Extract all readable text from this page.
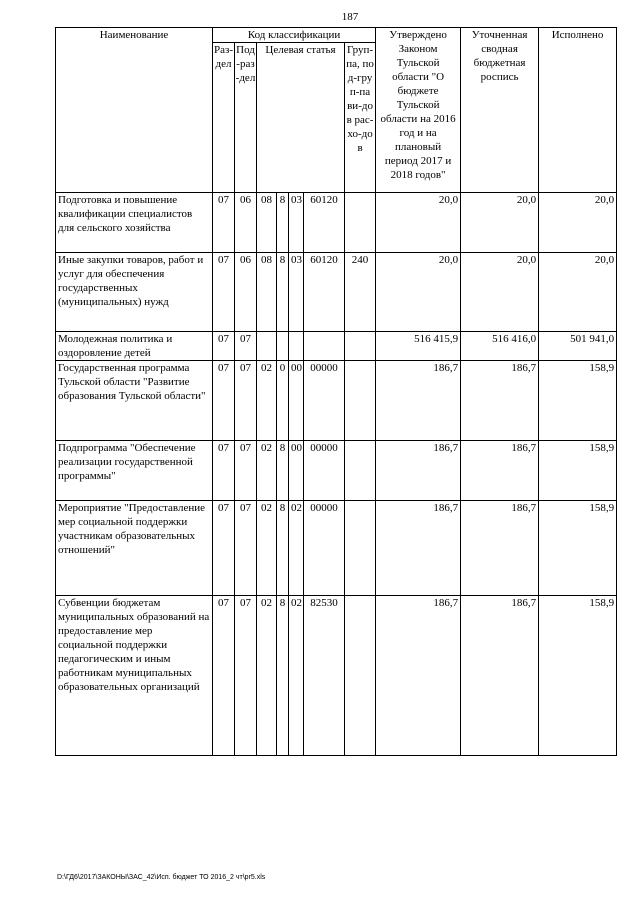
187
Наименование	Код классификации							Утверждено Законом Тульской области "О бюджете Тульской области на 2016 год и на плановый период 2017 и 2018 годов"	Уточненная сводная бюджетная роспись	Исполнено
	Раз-дел	Под-раз-дел	Целевая статья				Груп-па, под-груп-па ви-дов рас-хо-дов			
Подготовка и повышение квалификации специалистов для сельского хозяйства	07	06	08	8	03	60120		20,0	20,0	20,0
Иные закупки товаров, работ и услуг для обеспечения государственных (муниципальных) нужд	07	06	08	8	03	60120	240	20,0	20,0	20,0
Молодежная политика и оздоровление детей	07	07						516 415,9	516 416,0	501 941,0
Государственная программа Тульской области "Развитие образования Тульской области"	07	07	02	0	00	00000		186,7	186,7	158,9
Подпрограмма "Обеспечение реализации государственной программы"	07	07	02	8	00	00000		186,7	186,7	158,9
Мероприятие "Предоставление мер социальной поддержки участникам образовательных отношений"	07	07	02	8	02	00000		186,7	186,7	158,9
Субвенции бюджетам муниципальных образований на предоставление мер социальной поддержки педагогическим и иным работникам муниципальных образовательных организаций	07	07	02	8	02	82530		186,7	186,7	158,9
D:\ГД6\2017\ЗАКОНЫ\ЗАС_42\Исп. бюджет ТО 2016_2 чт\pr5.xls
